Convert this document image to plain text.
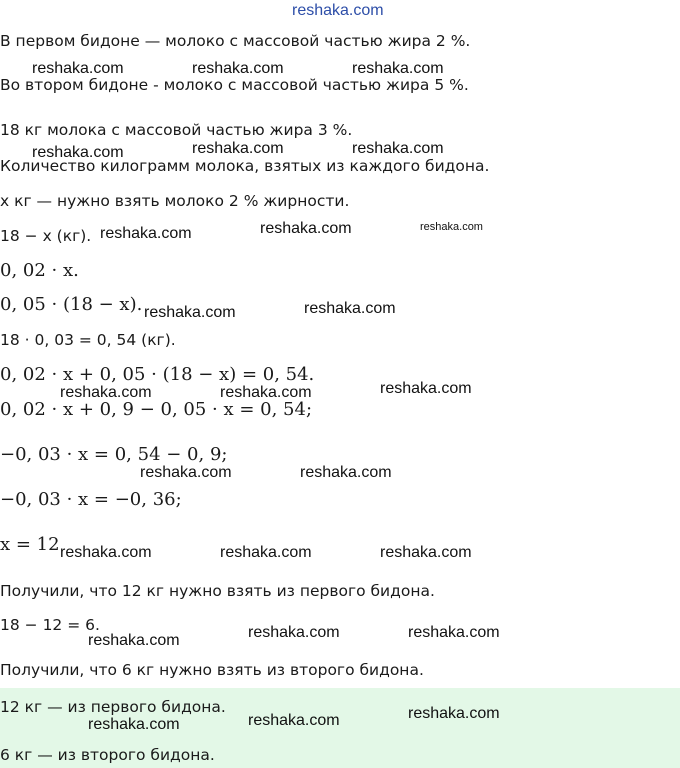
reshaka.com
В первом бидоне — молоко с массовой частью жира 2 %.
Во втором бидоне - молоко с массовой частью жира 5 %.
18 кг молока с массовой частью жира 3 %.
Количество килограмм молока, взятых из каждого бидона.
x кг — нужно взять молоко 2 % жирности.
18 − x (кг).
0, 02 · x.
0, 05 · (18 − x).
18 · 0, 03 = 0, 54 (кг).
0, 02 · x + 0, 05 · (18 − x) = 0, 54.
0, 02 · x + 0, 9 − 0, 05 · x = 0, 54;
−0, 03 · x = 0, 54 − 0, 9;
−0, 03 · x = −0, 36;
x = 12
Получили, что 12 кг нужно взять из первого бидона.
18 − 12 = 6.
Получили, что 6 кг нужно взять из второго бидона.
12 кг — из первого бидона.
6 кг — из второго бидона.
reshaka.com	reshaka.com	reshaka.com
reshaka.com	reshaka.com	reshaka.com
reshaka.com	reshaka.com	reshaka.com
reshaka.com	reshaka.com
reshaka.com	reshaka.com	reshaka.com
reshaka.com	reshaka.com
reshaka.com	reshaka.com	reshaka.com
reshaka.com	reshaka.com	reshaka.com
reshaka.com	reshaka.com	reshaka.com
